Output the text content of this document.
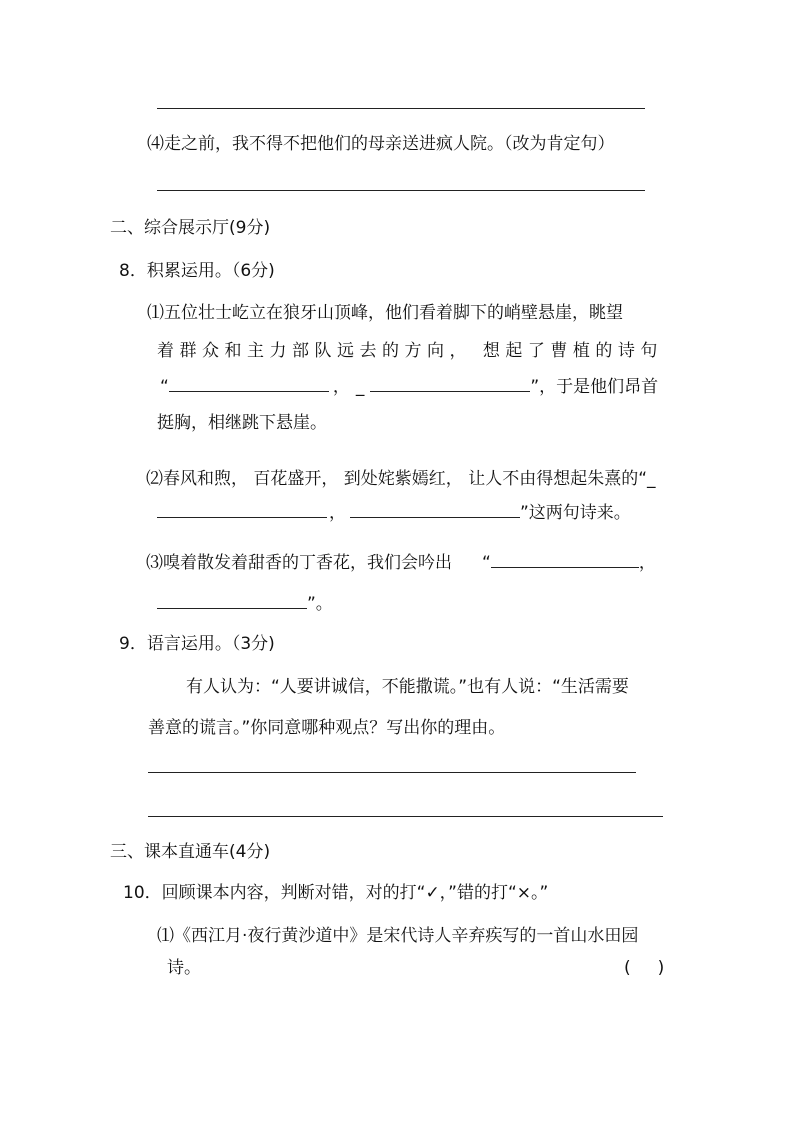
⑷走之前，我不得不把他们的母亲送进疯人院。（改为肯定句）
二、综合展示厅(9分)
8．积累运用。（6分)
⑴五位壮士屹立在狼牙山顶峰，他们看着脚下的峭壁悬崖，眺望
着群众和主力部队远去的方向， 想起了曹植的诗句
“	， _	”，于是他们昂首
挺胸，相继跳下悬崖。
⑵春风和煦， 百花盛开， 到处姹紫嫣红， 让人不由得想起朱熹的“_
，	”这两句诗来。
⑶嗅着散发着甜香的丁香花，我们会吟出 “	，
”。
9．语言运用。（3分)
有人认为：“人要讲诚信，不能撒谎。”也有人说：“生活需要
善意的谎言。”你同意哪种观点？写出你的理由。
三、课本直通车(4分)
10．回顾课本内容，判断对错，对的打“✓，”错的打“×。”
⑴《西江月·夜行黄沙道中》是宋代诗人辛弃疾写的一首山水田园
诗。	(     )
